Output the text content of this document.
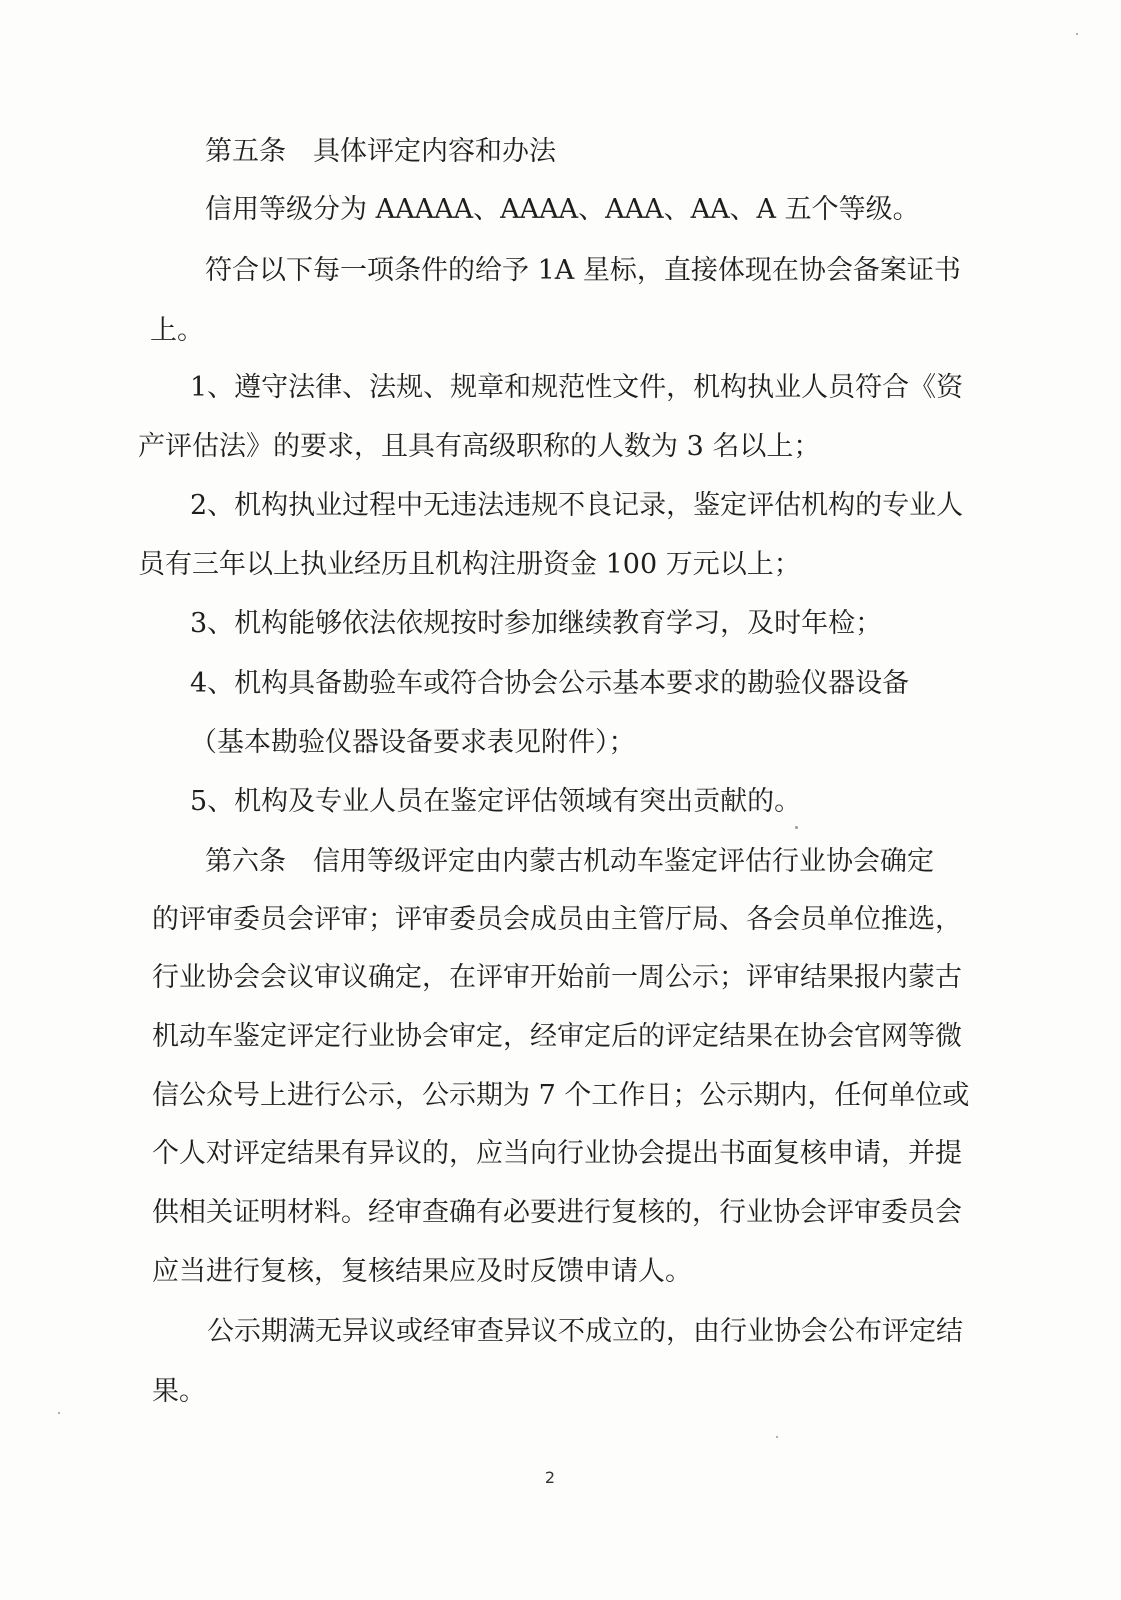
第五条　具体评定内容和办法
信用等级分为 AAAAA、AAAA、AAA、AA、A 五个等级。
符合以下每一项条件的给予 1A 星标，直接体现在协会备案证书
上。
1、遵守法律、法规、规章和规范性文件，机构执业人员符合《资
产评估法》的要求，且具有高级职称的人数为 3 名以上；
2、机构执业过程中无违法违规不良记录，鉴定评估机构的专业人
员有三年以上执业经历且机构注册资金 100 万元以上；
3、机构能够依法依规按时参加继续教育学习，及时年检；
4、机构具备勘验车或符合协会公示基本要求的勘验仪器设备
（基本勘验仪器设备要求表见附件）；
5、机构及专业人员在鉴定评估领域有突出贡献的。
第六条　信用等级评定由内蒙古机动车鉴定评估行业协会确定
的评审委员会评审；评审委员会成员由主管厅局、各会员单位推选，
行业协会会议审议确定，在评审开始前一周公示；评审结果报内蒙古
机动车鉴定评定行业协会审定，经审定后的评定结果在协会官网等微
信公众号上进行公示，公示期为 7 个工作日；公示期内，任何单位或
个人对评定结果有异议的，应当向行业协会提出书面复核申请，并提
供相关证明材料。经审查确有必要进行复核的，行业协会评审委员会
应当进行复核，复核结果应及时反馈申请人。
公示期满无异议或经审查异议不成立的，由行业协会公布评定结
果。
2
